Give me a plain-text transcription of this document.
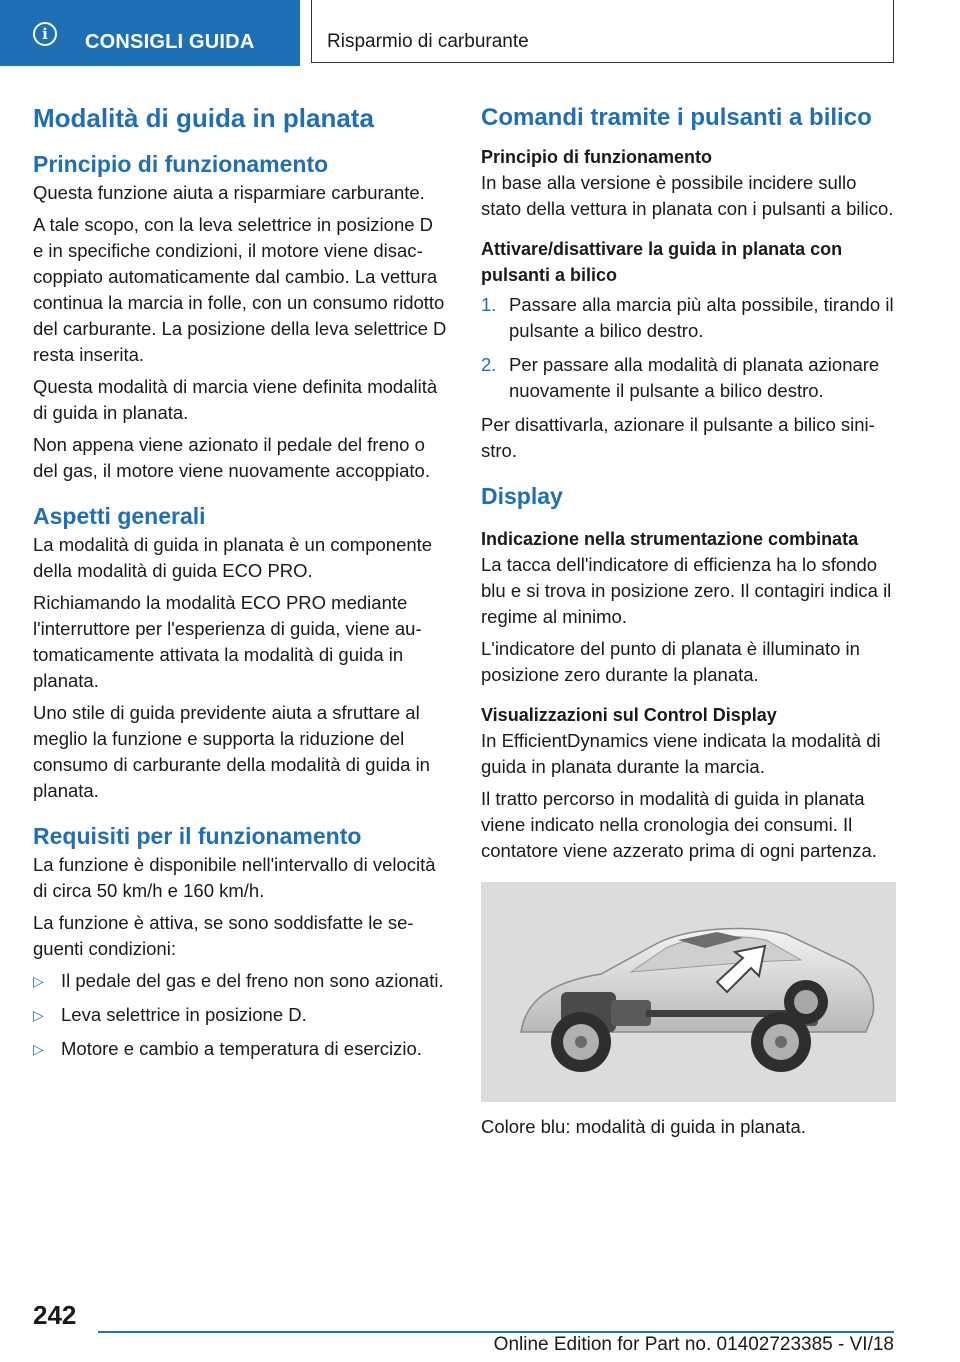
i	CONSIGLI GUIDA	Risparmio di carburante
Modalità di guida in planata
Principio di funzionamento

Questa funzione aiuta a risparmiare carburante.

A tale scopo, con la leva selettrice in posizione D e in specifiche condizioni, il motore viene disaccoppiato automaticamente dal cambio. La vettura continua la marcia in folle, con un consumo ridotto del carburante. La posizione della leva selettrice D resta inserita.

Questa modalità di marcia viene definita modalità di guida in planata.

Non appena viene azionato il pedale del freno o del gas, il motore viene nuovamente accoppiato.

Aspetti generali

La modalità di guida in planata è un componente della modalità di guida ECO PRO.

Richiamando la modalità ECO PRO mediante l'interruttore per l'esperienza di guida, viene automaticamente attivata la modalità di guida in planata.

Uno stile di guida previdente aiuta a sfruttare al meglio la funzione e supporta la riduzione del consumo di carburante della modalità di guida in planata.

Requisiti per il funzionamento

La funzione è disponibile nell'intervallo di velocità di circa 50 km/h e 160 km/h.

La funzione è attiva, se sono soddisfatte le seguenti condizioni:

▷ Il pedale del gas e del freno non sono azionati.
▷ Leva selettrice in posizione D.
▷ Motore e cambio a temperatura di esercizio.
Comandi tramite i pulsanti a bilico
Principio di funzionamento

In base alla versione è possibile incidere sullo stato della vettura in planata con i pulsanti a bilico.

Attivare/disattivare la guida in planata con pulsanti a bilico
1. Passare alla marcia più alta possibile, tirando il pulsante a bilico destro.
2. Per passare alla modalità di planata azionare nuovamente il pulsante a bilico destro.

Per disattivarla, azionare il pulsante a bilico sinistro.

Display
Indicazione nella strumentazione combinata

La tacca dell'indicatore di efficienza ha lo sfondo blu e si trova in posizione zero. Il contagiri indica il regime al minimo.

L'indicatore del punto di planata è illuminato in posizione zero durante la planata.

Visualizzazioni sul Control Display

In EfficientDynamics viene indicata la modalità di guida in planata durante la marcia.

Il tratto percorso in modalità di guida in planata viene indicato nella cronologia dei consumi. Il contatore viene azzerato prima di ogni partenza.

Colore blu: modalità di guida in planata.

242
Online Edition for Part no. 01402723385 - VI/18
